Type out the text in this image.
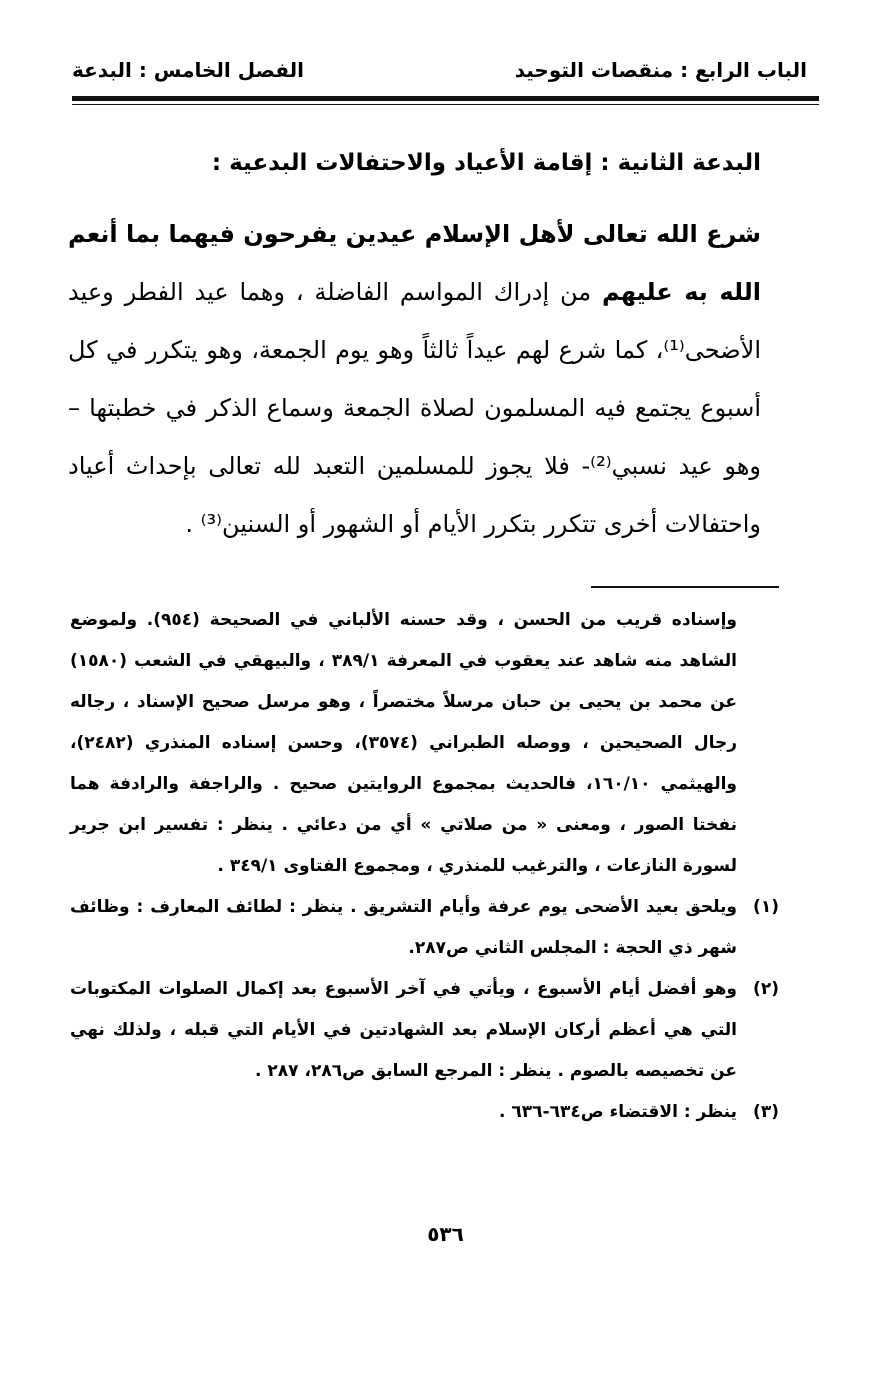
الباب الرابع : منقصات التوحيد
الفصل الخامس : البدعة
البدعة الثانية : إقامة الأعياد والاحتفالات البدعية :
شرع الله تعالى لأهل الإسلام عيدين يفرحون فيهما بما أنعم الله به عليهم من إدراك المواسم الفاضلة ، وهما عيد الفطر وعيد الأضحى⁽¹⁾، كما شرع لهم عيداً ثالثاً وهو يوم الجمعة، وهو يتكرر في كل أسبوع يجتمع فيه المسلمون لصلاة الجمعة وسماع الذكر في خطبتها – وهو عيد نسبي⁽²⁾- فلا يجوز للمسلمين التعبد لله تعالى بإحداث أعياد واحتفالات أخرى تتكرر بتكرر الأيام أو الشهور أو السنين⁽³⁾ .
وإسناده قريب من الحسن ، وقد حسنه الألباني في الصحيحة (٩٥٤). ولموضع الشاهد منه شاهد عند يعقوب في المعرفة ٣٨٩/١ ، والبيهقي في الشعب (١٥٨٠) عن محمد بن يحيى بن حبان مرسلاً مختصراً ، وهو مرسل صحيح الإسناد ، رجاله رجال الصحيحين ، ووصله الطبراني (٣٥٧٤)، وحسن إسناده المنذري (٢٤٨٢)، والهيثمي ١٦٠/١٠، فالحديث بمجموع الروايتين صحيح . والراجفة والرادفة هما نفختا الصور ، ومعنى « من صلاتي » أي من دعائي . ينظر : تفسير ابن جرير لسورة النازعات ، والترغيب للمنذري ، ومجموع الفتاوى ٣٤٩/١ .
(١)
ويلحق بعيد الأضحى يوم عرفة وأيام التشريق . ينظر : لطائف المعارف : وظائف شهر ذي الحجة : المجلس الثاني ص٢٨٧.
(٢)
وهو أفضل أيام الأسبوع ، ويأتي في آخر الأسبوع بعد إكمال الصلوات المكتوبات التي هي أعظم أركان الإسلام بعد الشهادتين في الأيام التي قبله ، ولذلك نهي عن تخصيصه بالصوم . ينظر : المرجع السابق ص٢٨٦، ٢٨٧ .
(٣)
ينظر : الاقتضاء ص٦٣٤-٦٣٦ .
٥٣٦
